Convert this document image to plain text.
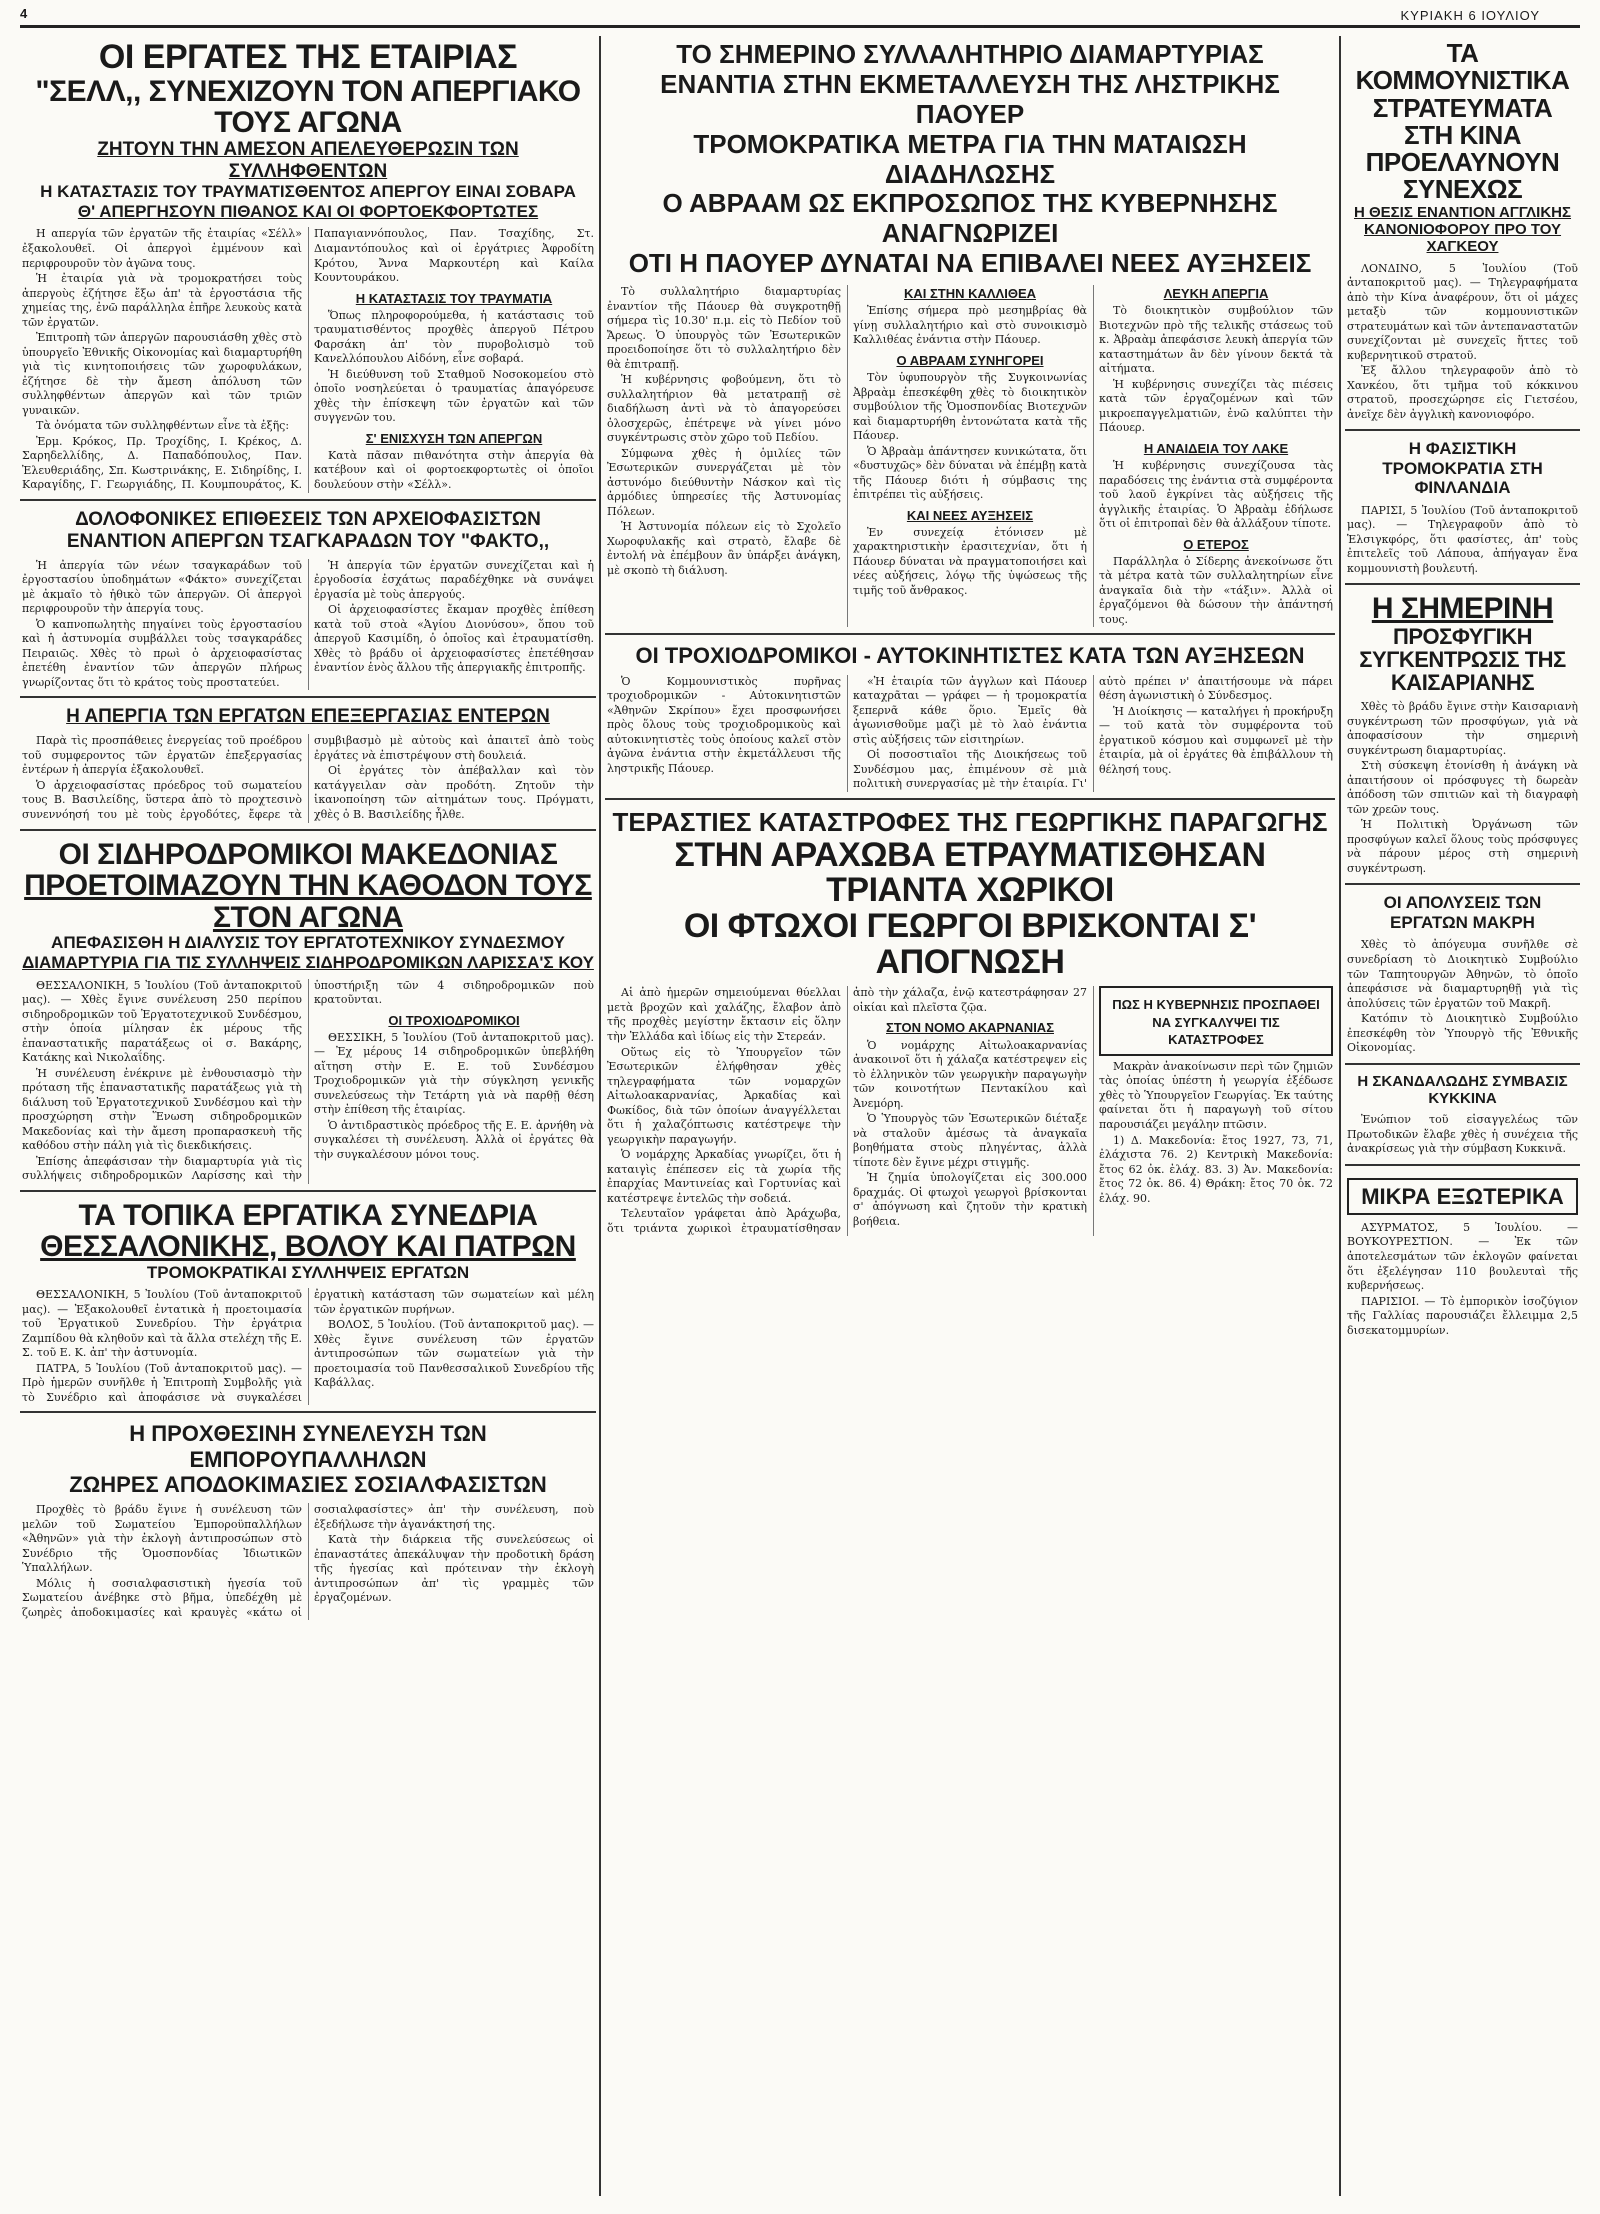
4	ΚΥΡΙΑΚΗ 6 ΙΟΥΛΙΟΥ
ΟΙ ΕΡΓΑΤΕΣ ΤΗΣ ΕΤΑΙΡΙΑΣ
"ΣΕΛΛ,, ΣΥΝΕΧΙΖΟΥΝ ΤΟΝ ΑΠΕΡΓΙΑΚΟ ΤΟΥΣ ΑΓΩΝΑ
ΖΗΤΟΥΝ ΤΗΝ ΑΜΕΣΟΝ ΑΠΕΛΕΥΘΕΡΩΣΙΝ ΤΩΝ ΣΥΛΛΗΦΘΕΝΤΩΝ
Η ΚΑΤΑΣΤΑΣΙΣ ΤΟΥ ΤΡΑΥΜΑΤΙΣΘΕΝΤΟΣ ΑΠΕΡΓΟΥ ΕΙΝΑΙ ΣΟΒΑΡΑ
Θ' ΑΠΕΡΓΗΣΟΥΝ ΠΙΘΑΝΟΣ ΚΑΙ ΟΙ ΦΟΡΤΟΕΚΦΟΡΤΩΤΕΣ

Η απεργία τῶν ἐργατῶν τῆς ἐταιρίας «Σέλλ» ἐξακολουθεῖ. Οἱ ἀπεργοὶ ἐμμένουν καὶ περιφρουροῦν τὸν ἀγῶνα τους.

Ἡ ἐταιρία γιὰ νὰ τρομοκρατήσει τοὺς ἀπεργοὺς ἐζήτησε ἔξω ἀπ' τὰ ἐργοστάσια τῆς χημείας της, ἐνῶ παράλληλα ἐπῆρε λευκοὺς κατὰ τῶν ἐργατῶν.

Ἐπιτροπὴ τῶν ἀπεργῶν παρουσιάσθη χθὲς στὸ ὑπουργεῖο Ἐθνικῆς Οἰκονομίας καὶ διαμαρτυρήθη γιὰ τὶς κινητοποιήσεις τῶν χωροφυλάκων, ἐζήτησε δὲ τὴν ἄμεση ἀπόλυση τῶν συλληφθέντων ἀπεργῶν καὶ τῶν τριῶν γυναικῶν.

Τὰ ὀνόματα τῶν συλληφθέντων εἶνε τὰ ἐξῆς:

Ἐρμ. Κρόκος, Πρ. Τροχίδης, Ι. Κρέκος, Δ. Σαρηδελλίδης, Δ. Παπαδόπουλος, Παν. Ἐλευθεριάδης, Σπ. Κωστρινάκης, Ε. Σιδηρίδης, Ι. Καραγίδης, Γ. Γεωργιάδης, Π. Κουμπουράτος, Κ. Παπαγιαννόπουλος, Παν. Τσαχίδης, Στ. Διαμαντόπουλος καὶ οἱ ἐργάτριες Ἀφροδίτη Κρότου, Ἄννα Μαρκουτέρη καὶ Καίλα Κουντουράκου.

Η ΚΑΤΑΣΤΑΣΙΣ ΤΟΥ ΤΡΑΥΜΑΤΙΑ

Ὅπως πληροφορούμεθα, ἡ κατάστασις τοῦ τραυματισθέντος προχθὲς ἀπεργοῦ Πέτρου Φαρσάκη ἀπ' τὸν πυροβολισμὸ τοῦ Κανελλόπουλου Αἰδόνη, εἶνε σοβαρά.

Ἡ διεύθυνση τοῦ Σταθμοῦ Νοσοκομείου στὸ ὁποῖο νοσηλεύεται ὁ τραυματίας ἀπαγόρευσε χθὲς τὴν ἐπίσκεψη τῶν ἐργατῶν καὶ τῶν συγγενῶν του.

Σ' ΕΝΙΣΧΥΣΗ ΤΩΝ ΑΠΕΡΓΩΝ

Κατὰ πᾶσαν πιθανότητα στὴν ἀπεργία θὰ κατέβουν καὶ οἱ φορτοεκφορτωτὲς οἱ ὁποῖοι δουλεύουν στὴν «Σέλλ».

ΔΟΛΟΦΟΝΙΚΕΣ ΕΠΙΘΕΣΕΙΣ ΤΩΝ ΑΡΧΕΙΟΦΑΣΙΣΤΩΝ
ΕΝΑΝΤΙΟΝ ΑΠΕΡΓΩΝ ΤΣΑΓΚΑΡΑΔΩΝ ΤΟΥ "ΦΑΚΤΟ,,

Ἡ ἀπεργία τῶν νέων τσαγκαράδων τοῦ ἐργοστασίου ὑποδημάτων «Φάκτο» συνεχίζεται μὲ ἀκμαῖο τὸ ἠθικὸ τῶν ἀπεργῶν. Οἱ ἀπεργοὶ περιφρουροῦν τὴν ἀπεργία τους.

Ὁ καπνοπωλητὴς πηγαίνει τοὺς ἐργοστασίου καὶ ἡ ἀστυνομία συμβάλλει τοὺς τσαγκαράδες Πειραιῶς. Χθὲς τὸ πρωὶ ὁ ἀρχειοφασίστας ἐπετέθη ἐναντίον τῶν ἀπεργῶν πλήρως γνωρίζοντας ὅτι τὸ κράτος τοὺς προστατεύει.

Ἡ ἀπεργία τῶν ἐργατῶν συνεχίζεται καὶ ἡ ἐργοδοσία ἐσχάτως παραδέχθηκε νὰ συνάψει ἐργασία μὲ τοὺς ἀπεργούς.

Οἱ ἀρχειοφασίστες ἔκαμαν προχθὲς ἐπίθεση κατὰ τοῦ στοὰ «Ἁγίου Διονύσου», ὅπου τοῦ ἀπεργοῦ Κασιμίδη, ὁ ὁποῖος καὶ ἐτραυματίσθη. Χθὲς τὸ βράδυ οἱ ἀρχειοφασίστες ἐπετέθησαν ἐναντίον ἑνὸς ἄλλου τῆς ἀπεργιακῆς ἐπιτροπῆς.

Η ΑΠΕΡΓΙΑ ΤΩΝ ΕΡΓΑΤΩΝ ΕΠΕΞΕΡΓΑΣΙΑΣ ΕΝΤΕΡΩΝ

Παρὰ τὶς προσπάθειες ἐνεργείας τοῦ προέδρου τοῦ συμφεροντος τῶν ἐργατῶν ἐπεξεργασίας ἐντέρων ἡ ἀπεργία ἐξακολουθεῖ.

Ὁ ἀρχειοφασίστας πρόεδρος τοῦ σωματείου τους Β. Βασιλείδης, ὕστερα ἀπὸ τὸ προχτεσινὸ συνεννόησή του μὲ τοὺς ἐργοδότες, ἔφερε τὰ συμβιβασμὸ μὲ αὐτοὺς καὶ ἀπαιτεῖ ἀπὸ τοὺς ἐργάτες νὰ ἐπιστρέψουν στὴ δουλειά.

Οἱ ἐργάτες τὸν ἀπέβαλλαν καὶ τὸν κατάγγειλαν σὰν προδότη. Ζητοῦν τὴν ἱκανοποίηση τῶν αἰτημάτων τους. Πρόγματι, χθὲς ὁ Β. Βασιλείδης ἦλθε.

ΟΙ ΣΙΔΗΡΟΔΡΟΜΙΚΟΙ ΜΑΚΕΔΟΝΙΑΣ
ΠΡΟΕΤΟΙΜΑΖΟΥΝ ΤΗΝ ΚΑΘΟΔΟΝ ΤΟΥΣ ΣΤΟΝ ΑΓΩΝΑ
ΑΠΕΦΑΣΙΣΘΗ Η ΔΙΑΛΥΣΙΣ ΤΟΥ ΕΡΓΑΤΟΤΕΧΝΙΚΟΥ ΣΥΝΔΕΣΜΟΥ
ΔΙΑΜΑΡΤΥΡΙΑ ΓΙΑ ΤΙΣ ΣΥΛΛΗΨΕΙΣ ΣΙΔΗΡΟΔΡΟΜΙΚΩΝ ΛΑΡΙΣΣΑ'Σ ΚΟΥ

ΘΕΣΣΑΛΟΝΙΚΗ, 5 Ἰουλίου (Τοῦ ἀνταποκριτοῦ μας). — Χθὲς ἔγινε συνέλευση 250 περίπου σιδηροδρομικῶν τοῦ Ἐργατοτεχνικοῦ Συνδέσμου, στὴν ὁποία μίλησαν ἐκ μέρους τῆς ἐπαναστατικῆς παρατάξεως οἱ σ. Βακάρης, Κατάκης καὶ Νικολαΐδης.

Ἡ συνέλευση ἐνέκρινε μὲ ἐνθουσιασμὸ τὴν πρόταση τῆς ἐπαναστατικῆς παρατάξεως γιὰ τὴ διάλυση τοῦ Ἐργατοτεχνικοῦ Συνδέσμου καὶ τὴν προσχώρηση στὴν Ἕνωση σιδηροδρομικῶν Μακεδονίας καὶ τὴν ἄμεση προπαρασκευὴ τῆς καθόδου στὴν πάλη γιὰ τὶς διεκδικήσεις.

Ἐπίσης ἀπεφάσισαν τὴν διαμαρτυρία γιὰ τὶς συλλήψεις σιδηροδρομικῶν Λαρίσσης καὶ τὴν ὑποστήριξη τῶν 4 σιδηροδρομικῶν ποὺ κρατοῦνται.

ΟΙ ΤΡΟΧΙΟΔΡΟΜΙΚΟΙ

ΘΕΣΣΙΚΗ, 5 Ἰουλίου (Τοῦ ἀνταποκριτοῦ μας). — Ἐχ μέρους 14 σιδηροδρομικῶν ὑπεβλήθη αἴτηση στὴν Ε. Ε. τοῦ Συνδέσμου Τροχιοδρομικῶν γιὰ τὴν σύγκληση γενικῆς συνελεύσεως τὴν Τετάρτη γιὰ νὰ παρθῇ θέση στὴν ἐπίθεση τῆς ἑταιρίας.

Ὁ ἀντιδραστικὸς πρόεδρος τῆς Ε. Ε. ἀρνήθη νὰ συγκαλέσει τὴ συνέλευση. Ἀλλὰ οἱ ἐργάτες θὰ τὴν συγκαλέσουν μόνοι τους.

ΤΑ ΤΟΠΙΚΑ ΕΡΓΑΤΙΚΑ ΣΥΝΕΔΡΙΑ
ΘΕΣΣΑΛΟΝΙΚΗΣ, ΒΟΛΟΥ ΚΑΙ ΠΑΤΡΩΝ
ΤΡΟΜΟΚΡΑΤΙΚΑΙ ΣΥΛΛΗΨΕΙΣ ΕΡΓΑΤΩΝ

ΘΕΣΣΑΛΟΝΙΚΗ, 5 Ἰουλίου (Τοῦ ἀνταποκριτοῦ μας). — Ἐξακολουθεῖ ἐντατικὰ ἡ προετοιμασία τοῦ Ἐργατικοῦ Συνεδρίου. Τὴν ἐργάτρια Ζαμπίδου θὰ κληθοῦν καὶ τὰ ἄλλα στελέχη τῆς Ε. Σ. τοῦ Ε. Κ. ἀπ' τὴν ἀστυνομία.

ΠΑΤΡΑ, 5 Ἰουλίου (Τοῦ ἀνταποκριτοῦ μας). — Πρὸ ἡμερῶν συνῆλθε ἡ Ἐπιτροπὴ Συμβολῆς γιὰ τὸ Συνέδριο καὶ ἀποφάσισε νὰ συγκαλέσει ἐργατικὴ κατάσταση τῶν σωματείων καὶ μέλη τῶν ἐργατικῶν πυρήνων.

ΒΟΛΟΣ, 5 Ἰουλίου. (Τοῦ ἀνταποκριτοῦ μας). — Χθὲς ἔγινε συνέλευση τῶν ἐργατῶν ἀντιπροσώπων τῶν σωματείων γιὰ τὴν προετοιμασία τοῦ Πανθεσσαλικοῦ Συνεδρίου τῆς Καβάλλας.

Η ΠΡΟΧΘΕΣΙΝΗ ΣΥΝΕΛΕΥΣΗ ΤΩΝ ΕΜΠΟΡΟΥΠΑΛΛΗΛΩΝ
ΖΩΗΡΕΣ ΑΠΟΔΟΚΙΜΑΣΙΕΣ ΣΟΣΙΑΛΦΑΣΙΣΤΩΝ

Προχθὲς τὸ βράδυ ἔγινε ἡ συνέλευση τῶν μελῶν τοῦ Σωματείου Ἐμποροϋπαλλήλων «Ἀθηνῶν» γιὰ τὴν ἐκλογὴ ἀντιπροσώπων στὸ Συνέδριο τῆς Ὁμοσπονδίας Ἰδιωτικῶν Ὑπαλλήλων.

Μόλις ἡ σοσιαλφασιστικὴ ἡγεσία τοῦ Σωματείου ἀνέβηκε στὸ βῆμα, ὑπεδέχθη μὲ ζωηρὲς ἀποδοκιμασίες καὶ κραυγὲς «κάτω οἱ σοσιαλφασίστες» ἀπ' τὴν συνέλευση, ποὺ ἐξεδήλωσε τὴν ἀγανάκτησή της.

Κατὰ τὴν διάρκεια τῆς συνελεύσεως οἱ ἐπαναστάτες ἀπεκάλυψαν τὴν προδοτικὴ δράση τῆς ἡγεσίας καὶ πρότειναν τὴν ἐκλογὴ ἀντιπροσώπων ἀπ' τὶς γραμμὲς τῶν ἐργαζομένων.

ΤΟ ΣΗΜΕΡΙΝΟ ΣΥΛΛΑΛΗΤΗΡΙΟ ΔΙΑΜΑΡΤΥΡΙΑΣ
ΕΝΑΝΤΙΑ ΣΤΗΝ ΕΚΜΕΤΑΛΛΕΥΣΗ ΤΗΣ ΛΗΣΤΡΙΚΗΣ ΠΑΟΥΕΡ
ΤΡΟΜΟΚΡΑΤΙΚΑ ΜΕΤΡΑ ΓΙΑ ΤΗΝ ΜΑΤΑΙΩΣΗ ΔΙΑΔΗΛΩΣΗΣ
Ο ΑΒΡΑΑΜ ΩΣ ΕΚΠΡΟΣΩΠΟΣ ΤΗΣ ΚΥΒΕΡΝΗΣΗΣ ΑΝΑΓΝΩΡΙΖΕΙ
ΟΤΙ Η ΠΑΟΥΕΡ ΔΥΝΑΤΑΙ ΝΑ ΕΠΙΒΑΛΕΙ ΝΕΕΣ ΑΥΞΗΣΕΙΣ

Τὸ συλλαλητήριο διαμαρτυρίας ἐναντίον τῆς Πάουερ θὰ συγκροτηθῇ σήμερα τὶς 10.30' π.μ. εἰς τὸ Πεδίον τοῦ Ἄρεως. Ὁ ὑπουργὸς τῶν Ἐσωτερικῶν προειδοποίησε ὅτι τὸ συλλαλητήριο δὲν θὰ ἐπιτραπῇ.

Ἡ κυβέρνησις φοβούμενη, ὅτι τὸ συλλαλητήριον θὰ μετατραπῇ σὲ διαδήλωση ἀντὶ νὰ τὸ ἀπαγορεύσει ὁλοσχερῶς, ἐπέτρεψε νὰ γίνει μόνο συγκέντρωσις στὸν χῶρο τοῦ Πεδίου.

Σύμφωνα χθὲς ἡ ὁμιλίες τῶν Ἐσωτερικῶν συνεργάζεται μὲ τὸν ἀστυνόμο διεύθυντὴν Νάσκον καὶ τὶς ἀρμόδιες ὑπηρεσίες τῆς Ἀστυνομίας Πόλεων.

Ἡ Ἀστυνομία πόλεων εἰς τὸ Σχολεῖο Χωροφυλακῆς καὶ στρατὸ, ἔλαβε δὲ ἐντολή νὰ ἐπέμβουν ἂν ὑπάρξει ἀνάγκη, μὲ σκοπὸ τὴ διάλυση.

ΚΑΙ ΣΤΗΝ ΚΑΛΛΙΘΕΑ

Ἐπίσης σήμερα πρὸ μεσημβρίας θὰ γίνῃ συλλαλητήριο καὶ στὸ συνοικισμὸ Καλλιθέας ἐνάντια στὴν Πάουερ.

Ο ΑΒΡΑΑΜ ΣΥΝΗΓΟΡΕΙ

Τὸν ὑφυπουργὸν τῆς Συγκοινωνίας Ἀβραὰμ ἐπεσκέφθη χθὲς τὸ διοικητικὸν συμβούλιον τῆς Ὁμοσπονδίας Βιοτεχνῶν καὶ διαμαρτυρήθη ἐντονώτατα κατὰ τῆς Πάουερ.

Ὁ Ἀβραὰμ ἀπάντησεν κυνικώτατα, ὅτι «δυστυχῶς» δὲν δύναται νὰ ἐπέμβῃ κατὰ τῆς Πάουερ διότι ἡ σύμβασις της ἐπιτρέπει τὶς αὐξήσεις.

ΚΑΙ ΝΕΕΣ ΑΥΞΗΣΕΙΣ

Ἐν συνεχείᾳ ἐτόνισεν μὲ χαρακτηριστικὴν ἐρασιτεχνίαν, ὅτι ἡ Πάουερ δύναται νὰ πραγματοποιήσει καὶ νέες αὐξήσεις, λόγῳ τῆς ὑψώσεως τῆς τιμῆς τοῦ ἄνθρακος.

ΛΕΥΚΗ ΑΠΕΡΓΙΑ

Τὸ διοικητικὸν συμβούλιον τῶν Βιοτεχνῶν πρὸ τῆς τελικῆς στάσεως τοῦ κ. Ἀβραὰμ ἀπεφάσισε λευκὴ ἀπεργία τῶν καταστημάτων ἂν δὲν γίνουν δεκτά τὰ αἰτήματα.

Ἡ κυβέρνησις συνεχίζει τὰς πιέσεις κατὰ τῶν ἐργαζομένων καὶ τῶν μικροεπαγγελματιῶν, ἐνῶ καλύπτει τὴν Πάουερ.

Η ΑΝΑΙΔΕΙΑ ΤΟΥ ΛΑΚΕ

Ἡ κυβέρνησις συνεχίζουσα τὰς παραδόσεις της ἐνάντια στὰ συμφέροντα τοῦ λαοῦ ἐγκρίνει τὰς αὐξήσεις τῆς ἀγγλικῆς ἑταιρίας. Ὁ Ἀβραὰμ ἐδήλωσε ὅτι οἱ ἐπιτροπαὶ δὲν θὰ ἀλλάξουν τίποτε.

Ο ΕΤΕΡΟΣ

Παράλληλα ὁ Σίδερης ἀνεκοίνωσε ὅτι τὰ μέτρα κατὰ τῶν συλλαλητηρίων εἶνε ἀναγκαῖα διὰ τὴν «τάξιν». Ἀλλὰ οἱ ἐργαζόμενοι θὰ δώσουν τὴν ἀπάντησή τους.

ΟΙ ΤΡΟΧΙΟΔΡΟΜΙΚΟΙ - ΑΥΤΟΚΙΝΗΤΙΣΤΕΣ ΚΑΤΑ ΤΩΝ ΑΥΞΗΣΕΩΝ

Ὁ Κομμουνιστικὸς πυρῆνας τροχιοδρομικῶν - Αὐτοκινητιστῶν «Ἀθηνῶν Σκρίπου» ἔχει προσφωνήσει πρὸς ὅλους τοὺς τροχιοδρομικοὺς καὶ αὐτοκινητιστὲς τοὺς ὁποίους καλεῖ στὸν ἀγῶνα ἐνάντια στὴν ἐκμετάλλευσι τῆς ληστρικῆς Πάουερ.

«Ἡ ἑταιρία τῶν ἀγγλων καὶ Πάουερ καταχρᾶται — γράφει — ἡ τρομοκρατία ξεπερνᾶ κάθε ὅριο. Ἐμεῖς θὰ ἀγωνισθοῦμε μαζὶ μὲ τὸ λαὸ ἐνάντια στὶς αὐξήσεις τῶν εἰσιτηρίων.

Οἱ ποσοστιαῖοι τῆς Διοικήσεως τοῦ Συνδέσμου μας, ἐπιμένουν σὲ μιὰ πολιτικὴ συνεργασίας μὲ τὴν ἑταιρία. Γι' αὐτὸ πρέπει ν' ἀπαιτήσουμε νὰ πάρει θέση ἀγωνιστικὴ ὁ Σύνδεσμος.

Ἡ Διοίκησις — καταλήγει ἡ προκήρυξη — τοῦ κατὰ τὸν συμφέροντα τοῦ ἐργατικοῦ κόσμου καὶ συμφωνεῖ μὲ τὴν ἑταιρία, μὰ οἱ ἐργάτες θὰ ἐπιβάλλουν τὴ θέλησή τους.

ΤΕΡΑΣΤΙΕΣ ΚΑΤΑΣΤΡΟΦΕΣ ΤΗΣ ΓΕΩΡΓΙΚΗΣ ΠΑΡΑΓΩΓΗΣ
ΣΤΗΝ ΑΡΑΧΩΒΑ ΕΤΡΑΥΜΑΤΙΣΘΗΣΑΝ ΤΡΙΑΝΤΑ ΧΩΡΙΚΟΙ
ΟΙ ΦΤΩΧΟΙ ΓΕΩΡΓΟΙ ΒΡΙΣΚΟΝΤΑΙ Σ' ΑΠΟΓΝΩΣΗ

Αἱ ἀπὸ ἡμερῶν σημειούμεναι θύελλαι μετὰ βροχῶν καὶ χαλάζης, ἔλαβον ἀπὸ τῆς προχθὲς μεγίστην ἔκτασιν εἰς ὅλην τὴν Ἑλλάδα καὶ ἰδίως εἰς τὴν Στερεάν.

Οὕτως εἰς τὸ Ὑπουργεῖον τῶν Ἐσωτερικῶν ἐλήφθησαν χθὲς τηλεγραφήματα τῶν νομαρχῶν Αἰτωλοακαρνανίας, Ἀρκαδίας καὶ Φωκίδος, διὰ τῶν ὁποίων ἀναγγέλλεται ὅτι ἡ χαλαζόπτωσις κατέστρεψε τὴν γεωργικὴν παραγωγήν.

Ὁ νομάρχης Ἀρκαδίας γνωρίζει, ὅτι ἡ καταιγὶς ἐπέπεσεν εἰς τὰ χωρία τῆς ἐπαρχίας Μαντινείας καὶ Γορτυνίας καὶ κατέστρεψε ἐντελῶς τὴν σοδειά.

Τελευταῖον γράφεται ἀπὸ Ἀράχωβα, ὅτι τριάντα χωρικοὶ ἐτραυματίσθησαν ἀπὸ τὴν χάλαζα, ἐνῷ κατεστράφησαν 27 οἰκίαι καὶ πλεῖστα ζῷα.

ΣΤΟΝ ΝΟΜΟ ΑΚΑΡΝΑΝΙΑΣ

Ὁ νομάρχης Αἰτωλοακαρνανίας ἀνακοινοῖ ὅτι ἡ χάλαζα κατέστρεψεν εἰς τὸ ἑλληνικὸν τῶν γεωργικὴν παραγωγὴν τῶν κοινοτήτων Πεντακίλου καὶ Ἀνεμόρη.

Ὁ Ὑπουργὸς τῶν Ἐσωτερικῶν διέταξε νὰ σταλοῦν ἀμέσως τὰ ἀναγκαῖα βοηθήματα στοὺς πληγέντας, ἀλλὰ τίποτε δὲν ἔγινε μέχρι στιγμῆς.

Ἡ ζημία ὑπολογίζεται εἰς 300.000 δραχμάς. Οἱ φτωχοὶ γεωργοὶ βρίσκονται σ' ἀπόγνωση καὶ ζητοῦν τὴν κρατικὴ βοήθεια.

ΠΩΣ Η ΚΥΒΕΡΝΗΣΙΣ ΠΡΟΣΠΑΘΕΙ ΝΑ ΣΥΓΚΑΛΥΨΕΙ ΤΙΣ ΚΑΤΑΣΤΡΟΦΕΣ

Μακρὰν ἀνακοίνωσιν περὶ τῶν ζημιῶν τὰς ὁποίας ὑπέστη ἡ γεωργία ἐξέδωσε χθὲς τὸ Ὑπουργεῖον Γεωργίας. Ἐκ ταύτης φαίνεται ὅτι ἡ παραγωγὴ τοῦ σίτου παρουσιάζει μεγάλην πτῶσιν.

1) Δ. Μακεδονία: ἔτος 1927, 73, 71, ἐλάχιστα 76. 2) Κεντρικὴ Μακεδονία: ἔτος 62 ὀκ. ἐλάχ. 83. 3) Ἀν. Μακεδονία: ἔτος 72 ὀκ. 86. 4) Θράκη: ἔτος 70 ὀκ. 72 ἐλάχ. 90.

ΤΑ ΚΟΜΜΟΥΝΙΣΤΙΚΑ ΣΤΡΑΤΕΥΜΑΤΑ ΣΤΗ ΚΙΝΑ ΠΡΟΕΛΑΥΝΟΥΝ ΣΥΝΕΧΩΣ
Η ΘΕΣΙΣ ΕΝΑΝΤΙΟΝ ΑΓΓΛΙΚΗΣ ΚΑΝΟΝΙΟΦΟΡΟΥ ΠΡΟ ΤΟΥ ΧΑΓΚΕΟΥ

ΛΟΝΔΙΝΟ, 5 Ἰουλίου (Τοῦ ἀνταποκριτοῦ μας). — Τηλεγραφήματα ἀπὸ τὴν Κίνα ἀναφέρουν, ὅτι οἱ μάχες μεταξὺ τῶν κομμουνιστικῶν στρατευμάτων καὶ τῶν ἀντεπαναστατῶν συνεχίζονται μὲ συνεχεῖς ἥττες τοῦ κυβερνητικοῦ στρατοῦ.

Ἐξ ἄλλου τηλεγραφοῦν ἀπὸ τὸ Χανκέου, ὅτι τμῆμα τοῦ κόκκινου στρατοῦ, προσεχώρησε εἰς Γιετσέου, ἀνεῖχε δὲν ἀγγλικὴ κανονιοφόρο.

Η ΦΑΣΙΣΤΙΚΗ ΤΡΟΜΟΚΡΑΤΙΑ ΣΤΗ ΦΙΝΛΑΝΔΙΑ

ΠΑΡΙΣΙ, 5 Ἰουλίου (Τοῦ ἀνταποκριτοῦ μας). — Τηλεγραφοῦν ἀπὸ τὸ Ἑλσιγκφόρς, ὅτι φασίστες, ἀπ' τοὺς ἐπιτελεῖς τοῦ Λάπουα, ἀπήγαγαν ἕνα κομμουνιστὴ βουλευτή.

Η ΣΗΜΕΡΙΝΗ
ΠΡΟΣΦΥΓΙΚΗ ΣΥΓΚΕΝΤΡΩΣΙΣ ΤΗΣ ΚΑΙΣΑΡΙΑΝΗΣ

Χθὲς τὸ βράδυ ἔγινε στὴν Καισαριανὴ συγκέντρωση τῶν προσφύγων, γιὰ νὰ ἀποφασίσουν τὴν σημερινὴ συγκέντρωση διαμαρτυρίας.

Στὴ σύσκεψη ἐτονίσθη ἡ ἀνάγκη νὰ ἀπαιτήσουν οἱ πρόσφυγες τὴ δωρεὰν ἀπόδοση τῶν σπιτιῶν καὶ τὴ διαγραφὴ τῶν χρεῶν τους.

Ἡ Πολιτικὴ Ὀργάνωση τῶν προσφύγων καλεῖ ὅλους τοὺς πρόσφυγες νὰ πάρουν μέρος στὴ σημερινὴ συγκέντρωση.

ΟΙ ΑΠΟΛΥΣΕΙΣ ΤΩΝ ΕΡΓΑΤΩΝ ΜΑΚΡΗ

Χθὲς τὸ ἀπόγευμα συνῆλθε σὲ συνεδρίαση τὸ Διοικητικὸ Συμβούλιο τῶν Ταπητουργῶν Ἀθηνῶν, τὸ ὁποῖο ἀπεφάσισε νὰ διαμαρτυρηθῇ γιὰ τὶς ἀπολύσεις τῶν ἐργατῶν τοῦ Μακρῆ.

Κατόπιν τὸ Διοικητικὸ Συμβούλιο ἐπεσκέφθη τὸν Ὑπουργὸ τῆς Ἐθνικῆς Οἰκονομίας.

Η ΣΚΑΝΔΑΛΩΔΗΣ ΣΥΜΒΑΣΙΣ ΚΥΚΚΙΝΑ

Ἐνώπιον τοῦ εἰσαγγελέως τῶν Πρωτοδικῶν ἔλαβε χθὲς ἡ συνέχεια τῆς ἀνακρίσεως γιὰ τὴν σύμβαση Κυκκινᾶ.

ΜΙΚΡΑ ΕΞΩΤΕΡΙΚΑ

ΑΣΥΡΜΑΤΟΣ, 5 Ἰουλίου. — ΒΟΥΚΟΥΡΕΣΤΙΟΝ. — Ἐκ τῶν ἀποτελεσμάτων τῶν ἐκλογῶν φαίνεται ὅτι ἐξελέγησαν 110 βουλευταὶ τῆς κυβερνήσεως.

ΠΑΡΙΣΙΟΙ. — Τὸ ἐμπορικὸν ἰσοζύγιον τῆς Γαλλίας παρουσιάζει ἔλλειμμα 2,5 δισεκατομμυρίων.
